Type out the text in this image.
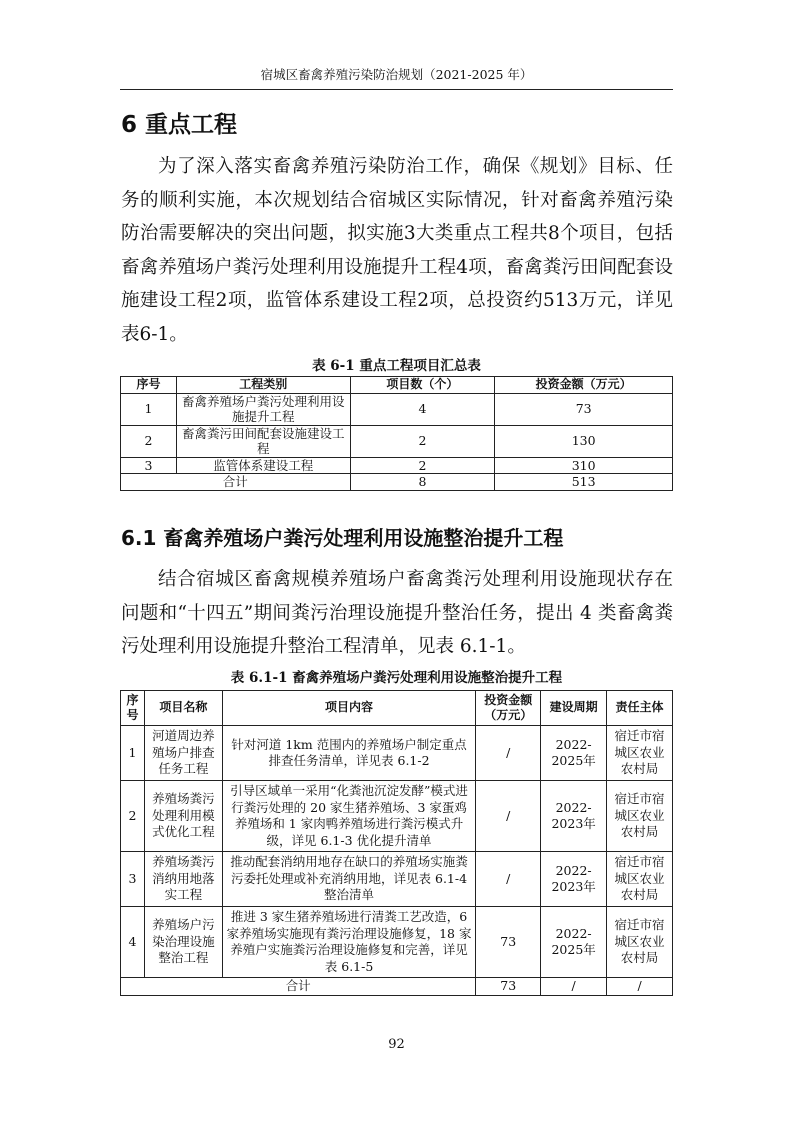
宿城区畜禽养殖污染防治规划（2021-2025 年）
6 重点工程

为了深入落实畜禽养殖污染防治工作，确保《规划》目标、任务的顺利实施，本次规划结合宿城区实际情况，针对畜禽养殖污染防治需要解决的突出问题，拟实施3大类重点工程共8个项目，包括畜禽养殖场户粪污处理利用设施提升工程4项，畜禽粪污田间配套设施建设工程2项，监管体系建设工程2项，总投资约513万元，详见表6-1。

表 6-1 重点工程项目汇总表
序号	工程类别	项目数（个）	投资金额（万元）
1	畜禽养殖场户粪污处理利用设施提升工程	4	73
2	畜禽粪污田间配套设施建设工程	2	130
3	监管体系建设工程	2	310
合计		8	513
6.1 畜禽养殖场户粪污处理利用设施整治提升工程

结合宿城区畜禽规模养殖场户畜禽粪污处理利用设施现状存在问题和“十四五”期间粪污治理设施提升整治任务，提出 4 类畜禽粪污处理利用设施提升整治工程清单，见表 6.1-1。

表 6.1-1 畜禽养殖场户粪污处理利用设施整治提升工程
序号	项目名称	项目内容	投资金额（万元）	建设周期	责任主体
1	河道周边养殖场户排查任务工程	针对河道 1km 范围内的养殖场户制定重点排查任务清单，详见表 6.1-2	/	2022-2025年	宿迁市宿城区农业农村局
2	养殖场粪污处理利用模式优化工程	引导区域单一采用“化粪池沉淀发酵”模式进行粪污处理的 20 家生猪养殖场、3 家蛋鸡养殖场和 1 家肉鸭养殖场进行粪污模式升级，详见 6.1-3 优化提升清单	/	2022-2023年	宿迁市宿城区农业农村局
3	养殖场粪污消纳用地落实工程	推动配套消纳用地存在缺口的养殖场实施粪污委托处理或补充消纳用地，详见表 6.1-4 整治清单	/	2022-2023年	宿迁市宿城区农业农村局
4	养殖场户污染治理设施整治工程	推进 3 家生猪养殖场进行清粪工艺改造，6 家养殖场实施现有粪污治理设施修复，18 家养殖户实施粪污治理设施修复和完善，详见表 6.1-5	73	2022-2025年	宿迁市宿城区农业农村局
合计			73	/	/
92
